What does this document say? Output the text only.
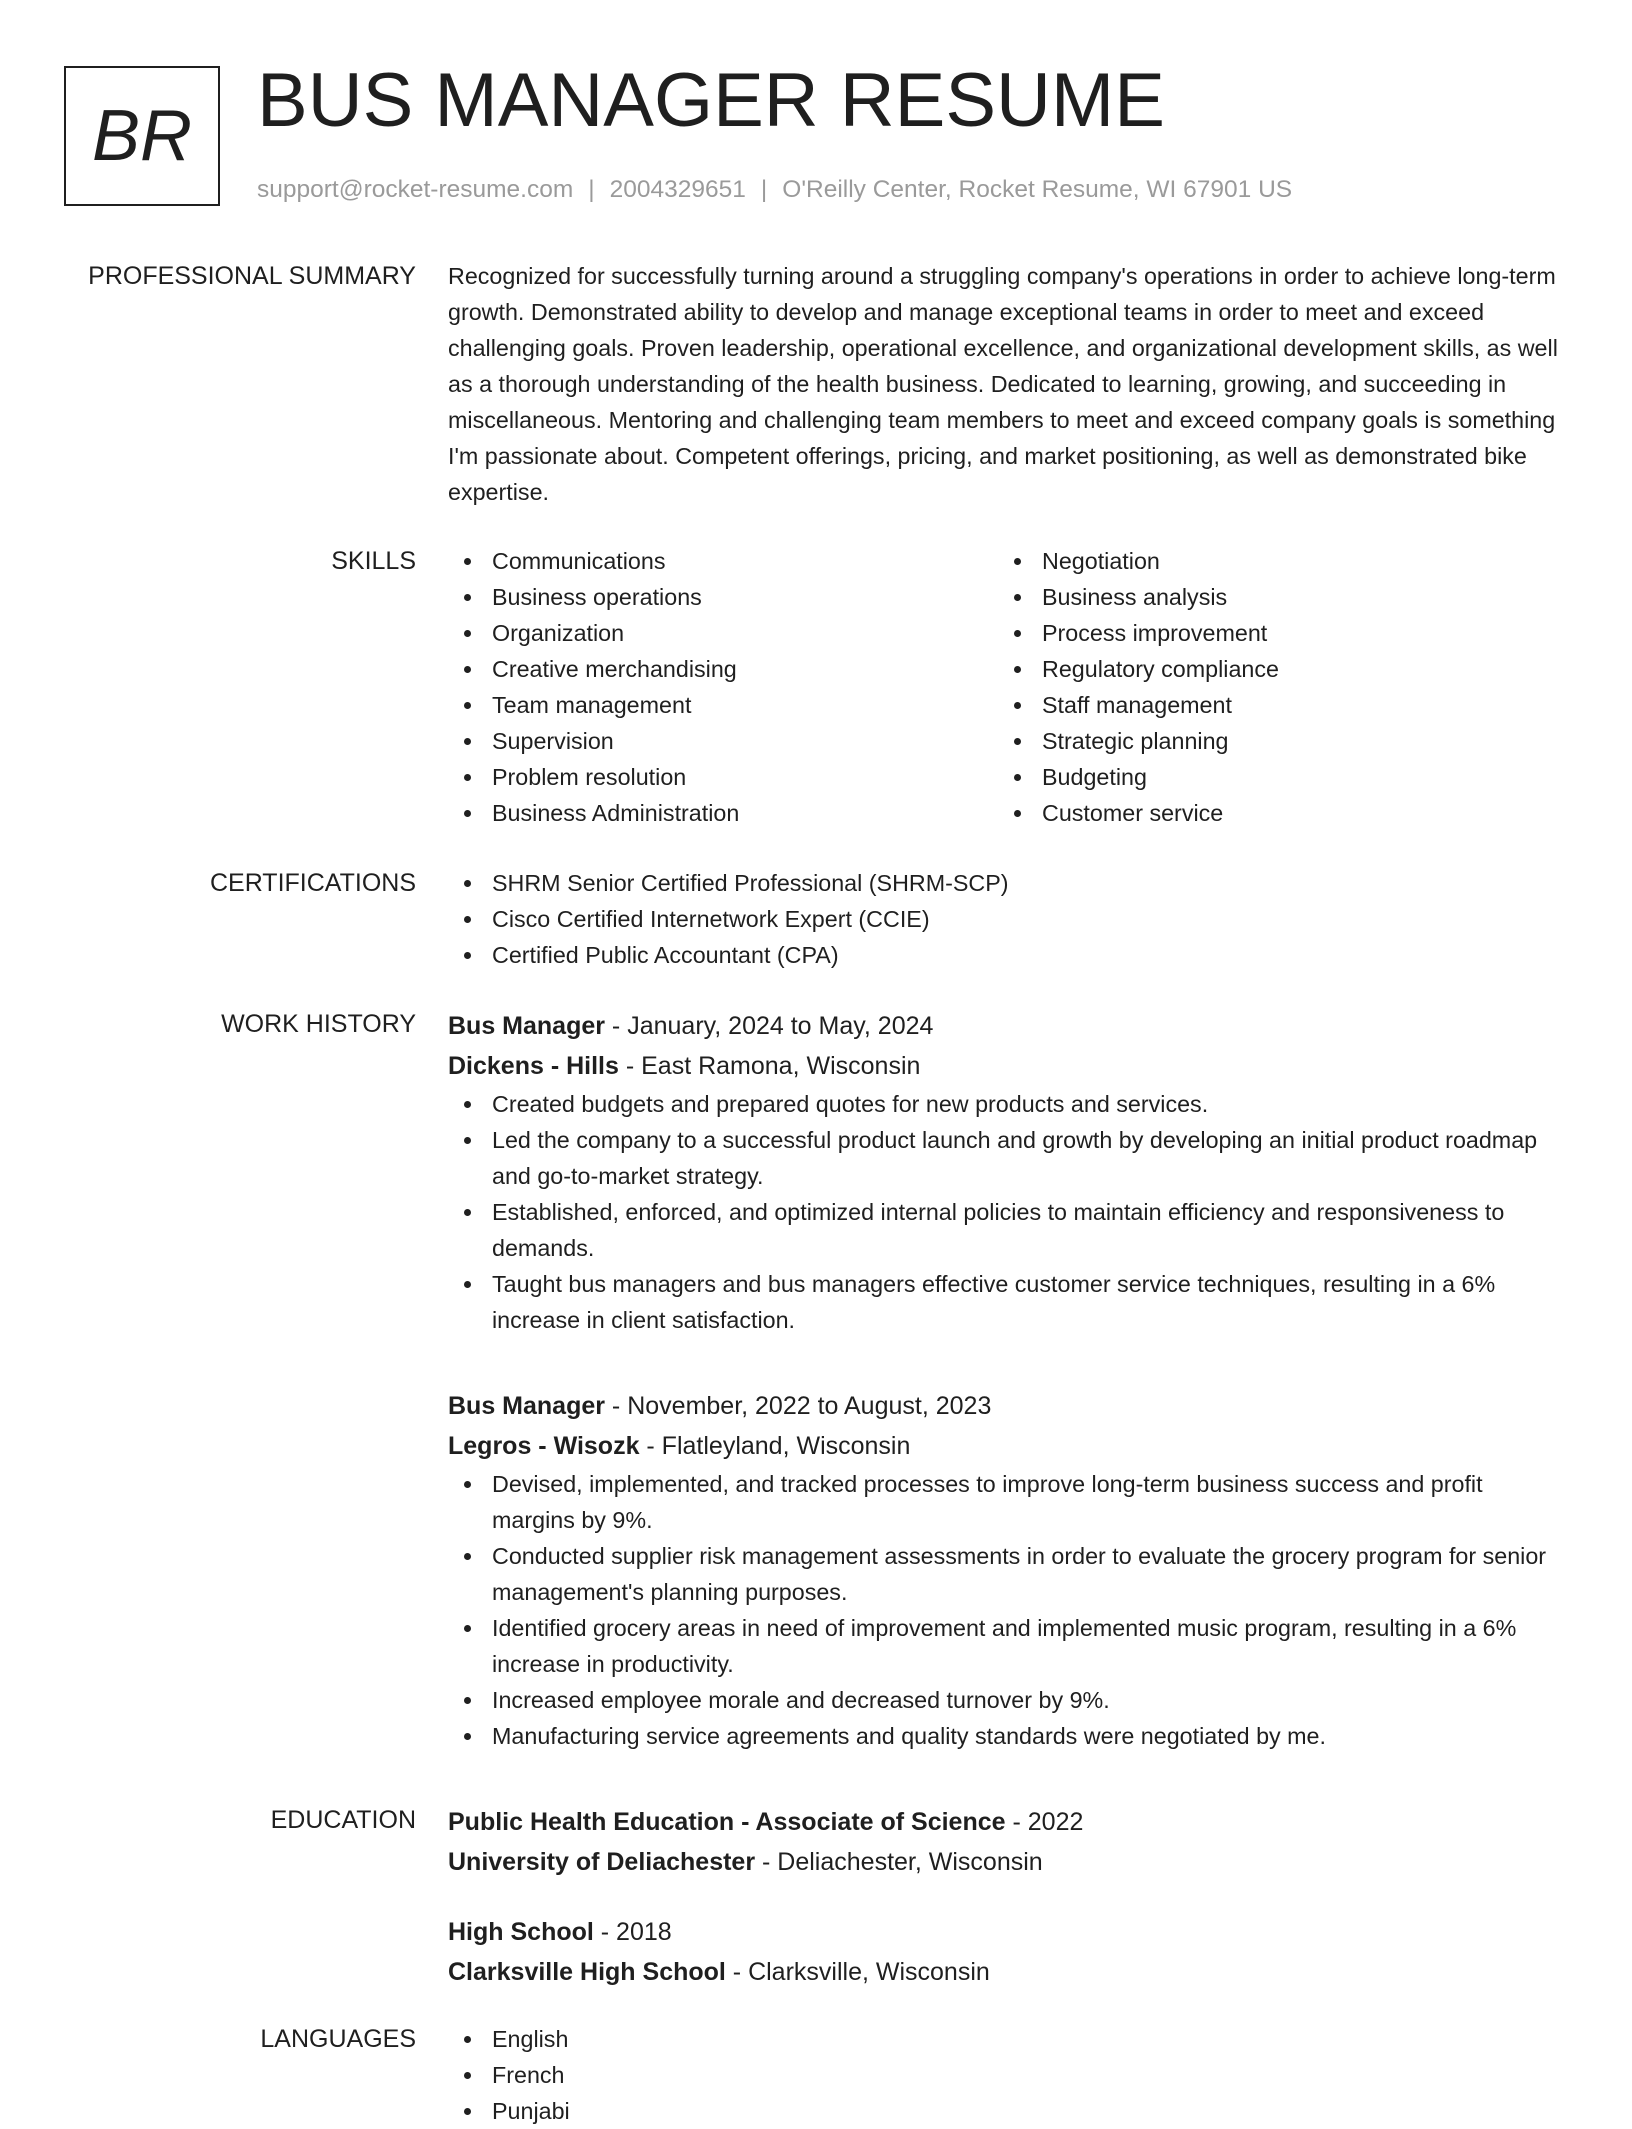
BR BUS MANAGER RESUME
support@rocket-resume.com | 2004329651 | O'Reilly Center, Rocket Resume, WI 67901 US
PROFESSIONAL SUMMARY Recognized for successfully turning around a struggling company's operations in order to achieve long-term growth. Demonstrated ability to develop and manage exceptional teams in order to meet and exceed challenging goals. Proven leadership, operational excellence, and organizational development skills, as well as a thorough understanding of the health business. Dedicated to learning, growing, and succeeding in miscellaneous. Mentoring and challenging team members to meet and exceed company goals is something I'm passionate about. Competent offerings, pricing, and market positioning, as well as demonstrated bike expertise.

SKILLS	Communications
Business operations
Organization
Creative merchandising
Team management
Supervision
Problem resolution
Business Administration
Negotiation
Business analysis
Process improvement
Regulatory compliance
Staff management
Strategic planning
Budgeting
Customer service
CERTIFICATIONS	SHRM Senior Certified Professional (SHRM-SCP)
Cisco Certified Internetwork Expert (CCIE)
Certified Public Accountant (CPA)
WORK HISTORY Bus Manager - January, 2024 to May, 2024
Dickens - Hills - East Ramona, Wisconsin
Created budgets and prepared quotes for new products and services.
Led the company to a successful product launch and growth by developing an initial product roadmap and go-to-market strategy.
Established, enforced, and optimized internal policies to maintain efficiency and responsiveness to demands.
Taught bus managers and bus managers effective customer service techniques, resulting in a 6% increase in client satisfaction.
Bus Manager - November, 2022 to August, 2023
Legros - Wisozk - Flatleyland, Wisconsin
Devised, implemented, and tracked processes to improve long-term business success and profit margins by 9%.
Conducted supplier risk management assessments in order to evaluate the grocery program for senior management's planning purposes.
Identified grocery areas in need of improvement and implemented music program, resulting in a 6% increase in productivity.
Increased employee morale and decreased turnover by 9%.
Manufacturing service agreements and quality standards were negotiated by me.
EDUCATION Public Health Education - Associate of Science - 2022
University of Deliachester - Deliachester, Wisconsin
High School - 2018
Clarksville High School - Clarksville, Wisconsin
LANGUAGES	English
French
Punjabi
